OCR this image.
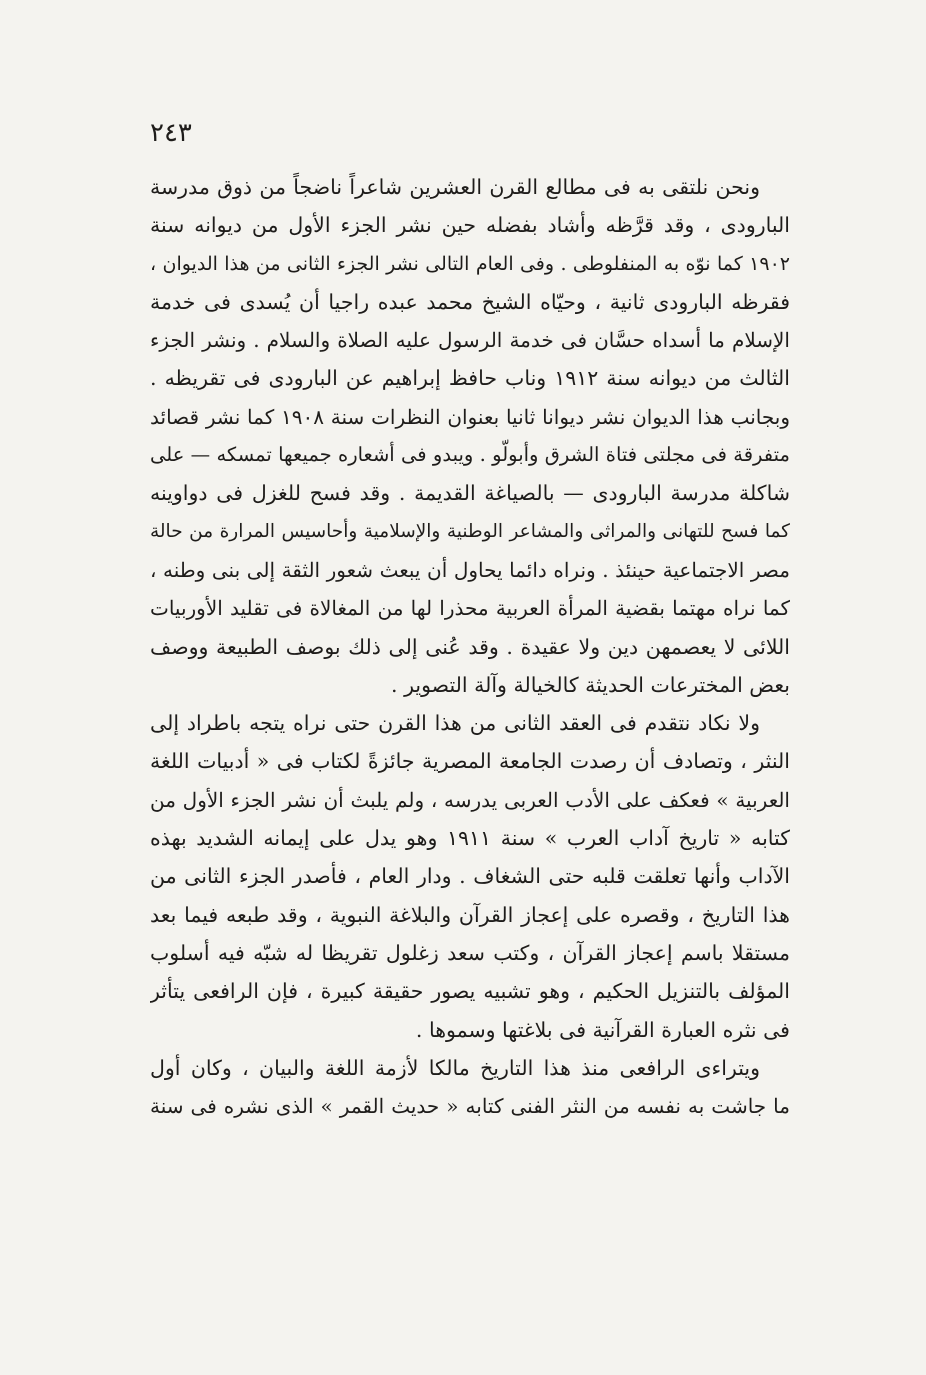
٢٤٣
ونحن نلتقى به فى مطالع القرن العشرين شاعراً ناضجاً من ذوق مدرسة
البارودى ، وقد قرَّظه وأشاد بفضله حين نشر الجزء الأول من ديوانه سنة
١٩٠٢ كما نوّه به المنفلوطى . وفى العام التالى نشر الجزء الثانى من هذا الديوان ،
فقرظه البارودى ثانية ، وحيّاه الشيخ محمد عبده راجيا أن يُسدى فى خدمة
الإسلام ما أسداه حسَّان فى خدمة الرسول عليه الصلاة والسلام . ونشر الجزء
الثالث من ديوانه سنة ١٩١٢ وناب حافظ إبراهيم عن البارودى فى تقريظه .
وبجانب هذا الديوان نشر ديوانا ثانيا بعنوان النظرات سنة ١٩٠٨ كما نشر قصائد
متفرقة فى مجلتى فتاة الشرق وأبولّو . ويبدو فى أشعاره جميعها تمسكه — على
شاكلة مدرسة البارودى — بالصياغة القديمة . وقد فسح للغزل فى دواوينه
كما فسح للتهانى والمراثى والمشاعر الوطنية والإسلامية وأحاسيس المرارة من حالة
مصر الاجتماعية حينئذ . ونراه دائما يحاول أن يبعث شعور الثقة إلى بنى وطنه ،
كما نراه مهتما بقضية المرأة العربية محذرا لها من المغالاة فى تقليد الأوربيات
اللائى لا يعصمهن دين ولا عقيدة . وقد عُنى إلى ذلك بوصف الطبيعة ووصف
بعض المخترعات الحديثة كالخيالة وآلة التصوير .
ولا نكاد نتقدم فى العقد الثانى من هذا القرن حتى نراه يتجه باطراد إلى
النثر ، وتصادف أن رصدت الجامعة المصرية جائزةً لكتاب فى « أدبيات اللغة
العربية » فعكف على الأدب العربى يدرسه ، ولم يلبث أن نشر الجزء الأول من
كتابه « تاريخ آداب العرب » سنة ١٩١١ وهو يدل على إيمانه الشديد بهذه
الآداب وأنها تعلقت قلبه حتى الشغاف . ودار العام ، فأصدر الجزء الثانى من
هذا التاريخ ، وقصره على إعجاز القرآن والبلاغة النبوية ، وقد طبعه فيما بعد
مستقلا باسم إعجاز القرآن ، وكتب سعد زغلول تقريظا له شبّه فيه أسلوب
المؤلف بالتنزيل الحكيم ، وهو تشبيه يصور حقيقة كبيرة ، فإن الرافعى يتأثر
فى نثره العبارة القرآنية فى بلاغتها وسموها .
ويتراءى الرافعى منذ هذا التاريخ مالكا لأزمة اللغة والبيان ، وكان أول
ما جاشت به نفسه من النثر الفنى كتابه « حديث القمر » الذى نشره فى سنة
